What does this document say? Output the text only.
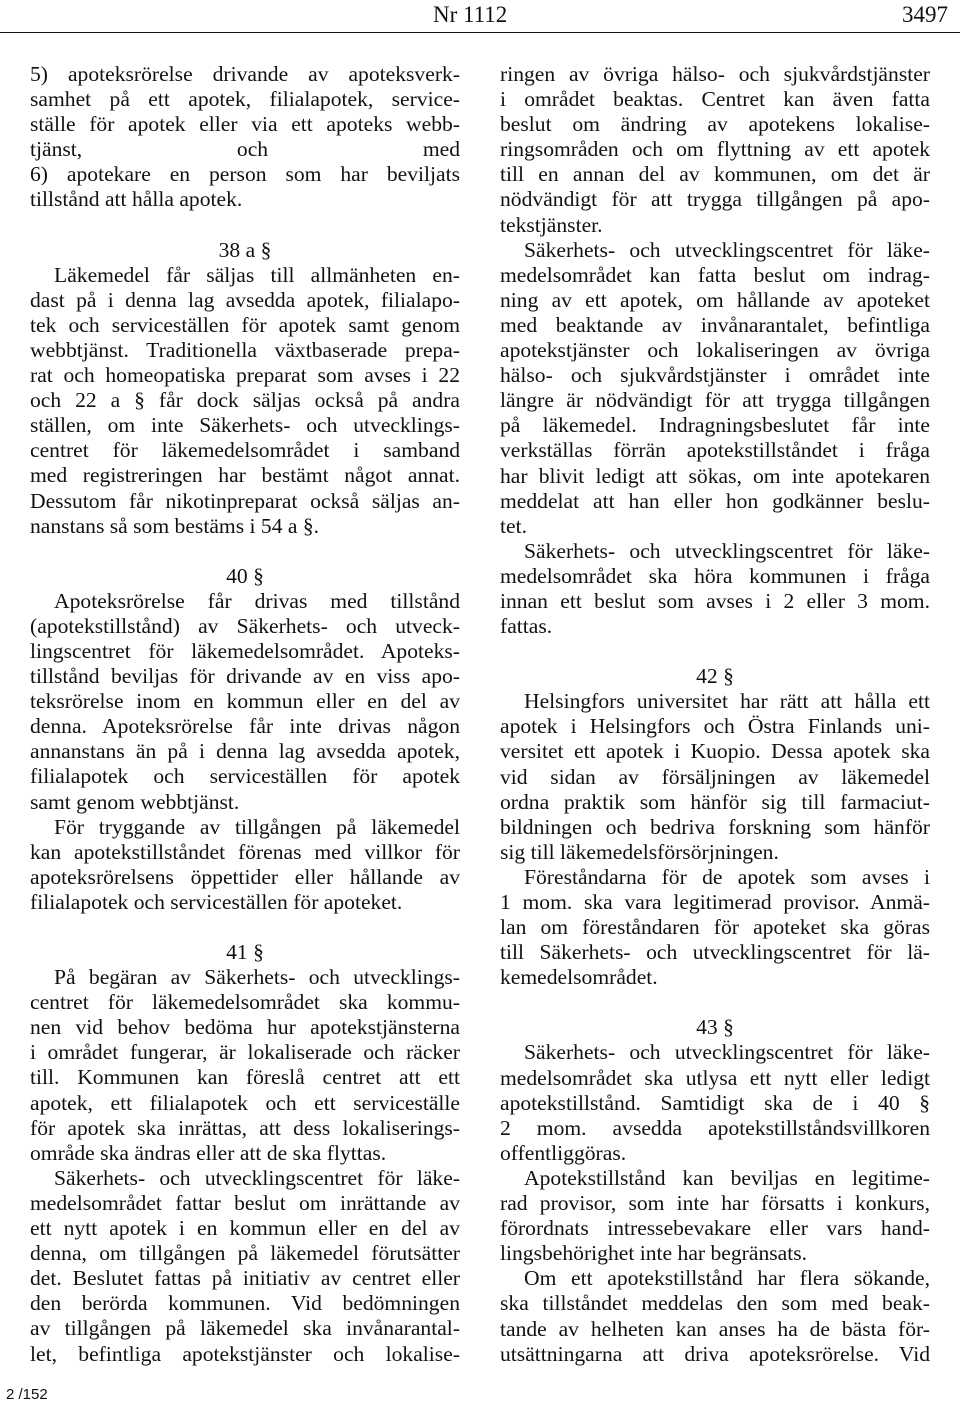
Nr 1112	3497
5) apoteksrörelse drivande av apoteksverk-
samhet på ett apotek, filialapotek, service-
ställe för apotek eller via ett apoteks webb-
tjänst, och med
6) apotekare en person som har beviljats
tillstånd att hålla apotek.
38 a §
Läkemedel får säljas till allmänheten en-
dast på i denna lag avsedda apotek, filialapo-
tek och serviceställen för apotek samt genom
webbtjänst. Traditionella växtbaserade prepa-
rat och homeopatiska preparat som avses i 22
och 22 a § får dock säljas också på andra
ställen, om inte Säkerhets- och utvecklings-
centret för läkemedelsområdet i samband
med registreringen har bestämt något annat.
Dessutom får nikotinpreparat också säljas an-
nanstans så som bestäms i 54 a §.
40 §
Apoteksrörelse får drivas med tillstånd
(apotekstillstånd) av Säkerhets- och utveck-
lingscentret för läkemedelsområdet. Apoteks-
tillstånd beviljas för drivande av en viss apo-
teksrörelse inom en kommun eller en del av
denna. Apoteksrörelse får inte drivas någon
annanstans än på i denna lag avsedda apotek,
filialapotek och serviceställen för apotek
samt genom webbtjänst.
För tryggande av tillgången på läkemedel
kan apotekstillståndet förenas med villkor för
apoteksrörelsens öppettider eller hållande av
filialapotek och serviceställen för apoteket.
41 §
På begäran av Säkerhets- och utvecklings-
centret för läkemedelsområdet ska kommu-
nen vid behov bedöma hur apotekstjänsterna
i området fungerar, är lokaliserade och räcker
till. Kommunen kan föreslå centret att ett
apotek, ett filialapotek och ett serviceställe
för apotek ska inrättas, att dess lokaliserings-
område ska ändras eller att de ska flyttas.
Säkerhets- och utvecklingscentret för läke-
medelsområdet fattar beslut om inrättande av
ett nytt apotek i en kommun eller en del av
denna, om tillgången på läkemedel förutsätter
det. Beslutet fattas på initiativ av centret eller
den berörda kommunen. Vid bedömningen
av tillgången på läkemedel ska invånarantal-
let, befintliga apotekstjänster och lokalise-
ringen av övriga hälso- och sjukvårdstjänster
i området beaktas. Centret kan även fatta
beslut om ändring av apotekens lokalise-
ringsområden och om flyttning av ett apotek
till en annan del av kommunen, om det är
nödvändigt för att trygga tillgången på apo-
tekstjänster.
Säkerhets- och utvecklingscentret för läke-
medelsområdet kan fatta beslut om indrag-
ning av ett apotek, om hållande av apoteket
med beaktande av invånarantalet, befintliga
apotekstjänster och lokaliseringen av övriga
hälso- och sjukvårdstjänster i området inte
längre är nödvändigt för att trygga tillgången
på läkemedel. Indragningsbeslutet får inte
verkställas förrän apotekstillståndet i fråga
har blivit ledigt att sökas, om inte apotekaren
meddelat att han eller hon godkänner beslu-
tet.
Säkerhets- och utvecklingscentret för läke-
medelsområdet ska höra kommunen i fråga
innan ett beslut som avses i 2 eller 3 mom.
fattas.
42 §
Helsingfors universitet har rätt att hålla ett
apotek i Helsingfors och Östra Finlands uni-
versitet ett apotek i Kuopio. Dessa apotek ska
vid sidan av försäljningen av läkemedel
ordna praktik som hänför sig till farmaciut-
bildningen och bedriva forskning som hänför
sig till läkemedelsförsörjningen.
Föreståndarna för de apotek som avses i
1 mom. ska vara legitimerad provisor. Anmä-
lan om föreståndaren för apoteket ska göras
till Säkerhets- och utvecklingscentret för lä-
kemedelsområdet.
43 §
Säkerhets- och utvecklingscentret för läke-
medelsområdet ska utlysa ett nytt eller ledigt
apotekstillstånd. Samtidigt ska de i 40 §
2 mom. avsedda apotekstillståndsvillkoren
offentliggöras.
Apotekstillstånd kan beviljas en legitime-
rad provisor, som inte har försatts i konkurs,
förordnats intressebevakare eller vars hand-
lingsbehörighet inte har begränsats.
Om ett apotekstillstånd har flera sökande,
ska tillståndet meddelas den som med beak-
tande av helheten kan anses ha de bästa för-
utsättningarna att driva apoteksrörelse. Vid
2 /152
